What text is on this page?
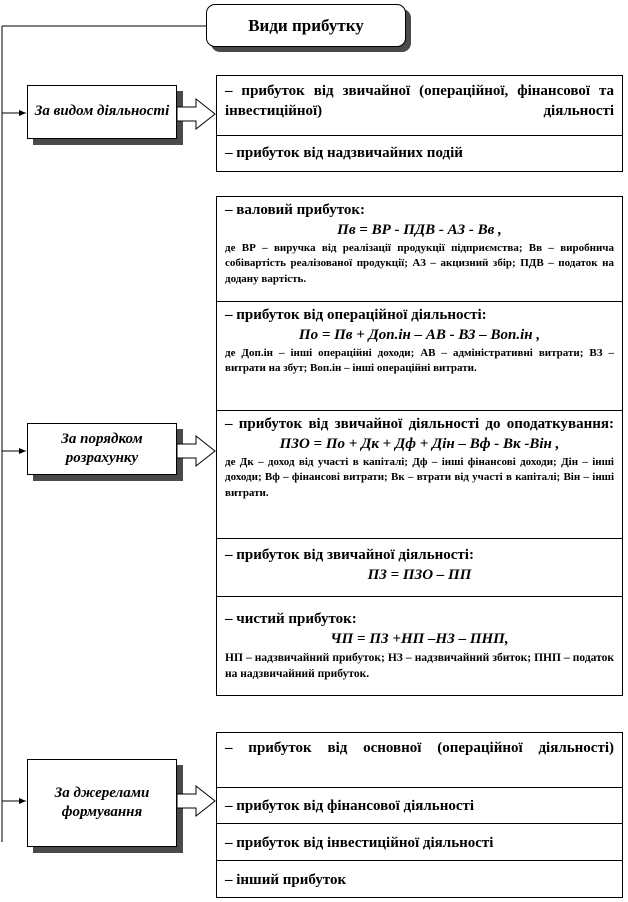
Види прибутку
За видом діяльності
За порядком розрахунку
За джерелами формування
– прибуток від звичайної (операційної, фінансової та інвестиційної) діяльності
– прибуток від надзвичайних подій
– валовий прибуток:
Пв = ВР - ПДВ - АЗ - Вв ,
де ВР – виручка від реалізації продукції підприємства; Вв – виробнича собівартість реалізованої продукції; АЗ – акцизний збір; ПДВ – податок на додану вартість.
– прибуток від операційної діяльності:
По = Пв + Доп.ін – АВ - ВЗ – Воп.ін ,
де Доп.ін – інші операційні доходи; АВ – адміністративні витрати; ВЗ – витрати на збут; Воп.ін – інші операційні витрати.
– прибуток від звичайної діяльності до оподаткування:
ПЗО = По + Дк + Дф + Дін – Вф - Вк -Він ,
де Дк – доход від участі в капіталі; Дф – інші фінансові доходи; Дін – інші доходи; Вф – фінансові витрати; Вк – втрати від участі в капіталі; Він – інші витрати.
– прибуток від звичайної діяльності:
ПЗ = ПЗО – ПП
– чистий прибуток:
ЧП = ПЗ +НП –НЗ – ПНП,
НП – надзвичайний прибуток; НЗ – надзвичайний збиток; ПНП – податок на надзвичайний прибуток.
– прибуток від основної (операційної діяльності)
– прибуток від фінансової діяльності
– прибуток від інвестиційної діяльності
– інший прибуток
